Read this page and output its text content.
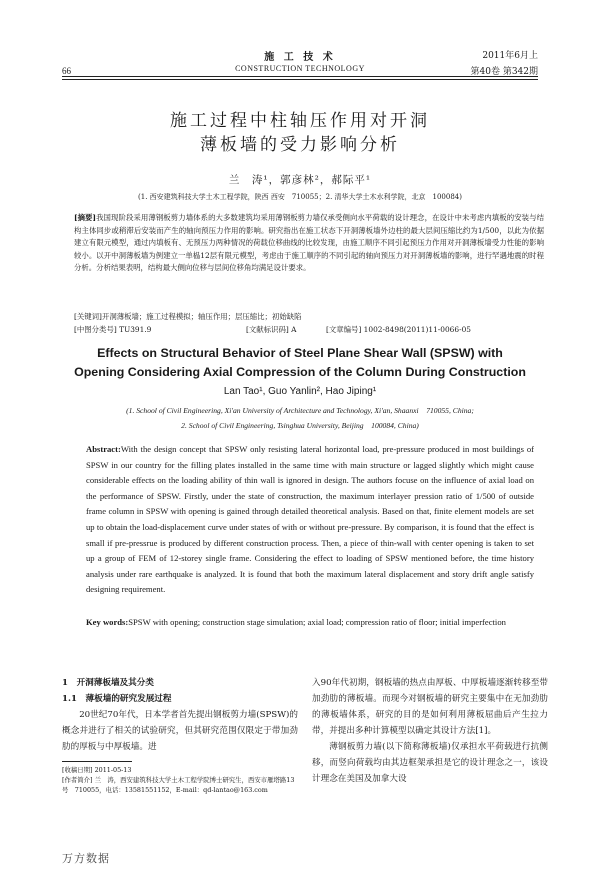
施 工 技 术
CONSTRUCTION TECHNOLOGY
2011年6月上
第40卷 第342期
66
施工过程中柱轴压作用对开洞
薄板墙的受力影响分析
兰　涛¹，郭彦林²，郝际平¹
(1. 西安建筑科技大学土木工程学院，陕西 西安　710055；2. 清华大学土木水利学院，北京　100084)
[摘要]我国现阶段采用薄钢板剪力墙体系的大多数建筑均采用薄钢板剪力墙仅承受侧向水平荷载的设计理念，在设计中未考虑内填板的安装与结构主体同步或稍滞后安装而产生的轴向预压力作用的影响。研究指出在施工状态下开洞薄板墙外边柱的最大层间压缩比约为1/500，以此为依据建立有限元模型，通过内填板有、无预压力两种情况的荷载位移曲线的比较发现，由施工顺序不同引起预压力作用对开洞薄板墙受力性能的影响较小。以开中洞薄板墙为例建立一单榀12层有限元模型，考虑由于施工顺序的不同引起的轴向预压力对开洞薄板墙的影响，进行罕遇地震的时程分析。分析结果表明，结构最大侧向位移与层间位移角均满足设计要求。
[关键词]开洞薄板墙；施工过程模拟；轴压作用；层压缩比；初始缺陷
[中图分类号] TU391.9	[文献标识码] A	[文章编号] 1002-8498(2011)11-0066-05
Effects on Structural Behavior of Steel Plane Shear Wall (SPSW) with
Opening Considering Axial Compression of the Column During Construction
Lan Tao¹, Guo Yanlin², Hao Jiping¹
(1. School of Civil Engineering, Xi'an University of Architecture and Technology, Xi'an, Shaanxi　710055, China;
2. School of Civil Engineering, Tsinghua University, Beijing　100084, China)
Abstract:With the design concept that SPSW only resisting lateral horizontal load, pre-pressure produced in most buildings of SPSW in our country for the filling plates installed in the same time with main structure or lagged slightly which might cause considerable effects on the loading ability of thin wall is ignored in design. The authors focuse on the influence of axial load on the performance of SPSW. Firstly, under the state of construction, the maximum interlayer pression ratio of 1/500 of outside frame column in SPSW with opening is gained through detailed theoretical analysis. Based on that, finite element models are set up to obtain the load-displacement curve under states of with or without pre-pressure. By comparison, it is found that the effect is small if pre-pressrue is produced by different construction process. Then, a piece of thin-wall with center opening is taken to set up a group of FEM of 12-storey single frame. Considering the effect to loading of SPSW mentioned before, the time history analysis under rare earthquake is analyzed. It is found that both the maximum lateral displacement and story drift angle satisfy designing requirement.
Key words:SPSW with opening; construction stage simulation; axial load; compression ratio of floor; initial imperfection
1　开洞薄板墙及其分类
1.1　薄板墙的研究发展过程

20世纪70年代，日本学者首先提出钢板剪力墙(SPSW)的概念并进行了相关的试验研究，但其研究范围仅限定于带加劲肋的厚板与中厚板墙。进

[收稿日期] 2011-05-13
[作者简介] 兰　涛，西安建筑科技大学土木工程学院博士研究生，西安市雁塔路13号　710055，电话：13581551152，E-mail：qd-lantao@163.com

入90年代初期，钢板墙的热点由厚板、中厚板墙逐渐转移至带加劲肋的薄板墙。而现今对钢板墙的研究主要集中在无加劲肋的薄板墙体系，研究的目的是如何利用薄板屈曲后产生拉力带，并提出多种计算模型以确定其设计方法[1]。

薄钢板剪力墙(以下简称薄板墙)仅承担水平荷载进行抗侧移，而竖向荷载均由其边框架承担是它的设计理念之一，该设计理念在美国及加拿大设

万方数据
